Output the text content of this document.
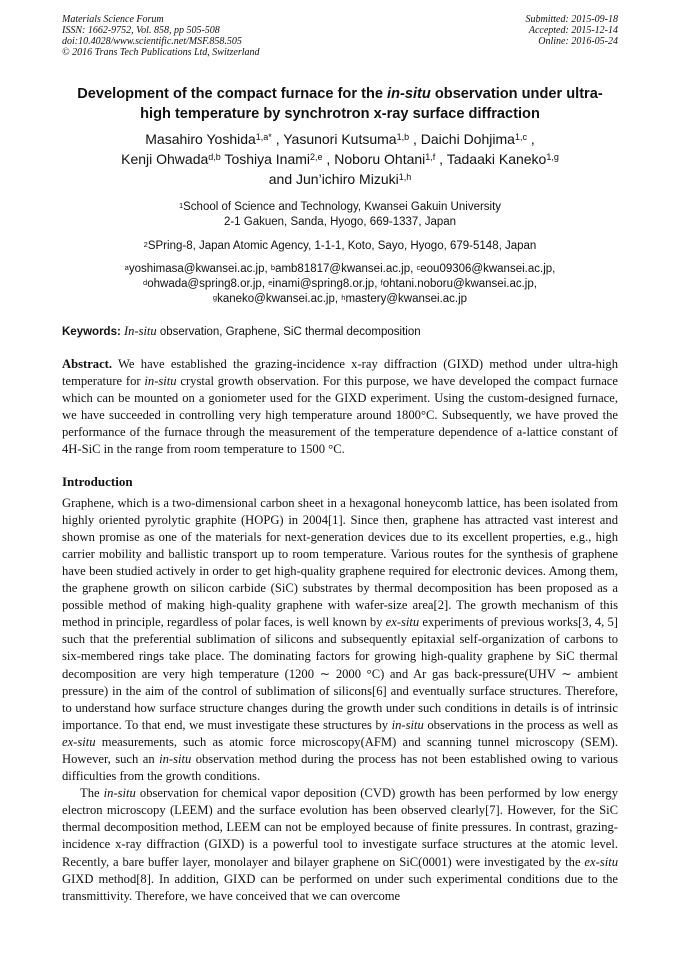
Materials Science Forum
ISSN: 1662-9752, Vol. 858, pp 505-508
doi:10.4028/www.scientific.net/MSF.858.505
© 2016 Trans Tech Publications Ltd, Switzerland
Submitted: 2015-09-18
Accepted: 2015-12-14
Online: 2016-05-24
Development of the compact furnace for the in-situ observation under ultra-high temperature by synchrotron x-ray surface diffraction
Masahiro Yoshida$^{1,a*}$ , Yasunori Kutsuma$^{1,b}$ , Daichi Dohjima$^{1,c}$ ,
Kenji Ohwada$^{d,b}$ Toshiya Inami$^{2,e}$ , Noboru Ohtani$^{1,f}$ , Tadaaki Kaneko$^{1,g}$
and Jun’ichiro Mizuki$^{1,h}$
$^1$School of Science and Technology, Kwansei Gakuin University
2-1 Gakuen, Sanda, Hyogo, 669-1337, Japan
$^2$SPring-8, Japan Atomic Agency, 1-1-1, Koto, Sayo, Hyogo, 679-5148, Japan
$^a$yoshimasa@kwansei.ac.jp, $^b$amb81817@kwansei.ac.jp, $^c$eou09306@kwansei.ac.jp,
$^d$ohwada@spring8.or.jp, $^e$inami@spring8.or.jp, $^f$ohtani.noboru@kwansei.ac.jp,
$^g$kaneko@kwansei.ac.jp, $^h$mastery@kwansei.ac.jp
Keywords: In-situ observation, Graphene, SiC thermal decomposition
Abstract. We have established the grazing-incidence x-ray diffraction (GIXD) method under ultra-high temperature for in-situ crystal growth observation. For this purpose, we have developed the compact furnace which can be mounted on a goniometer used for the GIXD experiment. Using the custom-designed furnace, we have succeeded in controlling very high temperature around 1800°C. Subsequently, we have proved the performance of the furnace through the measurement of the temperature dependence of a-lattice constant of 4H-SiC in the range from room temperature to 1500 °C.
Introduction
Graphene, which is a two-dimensional carbon sheet in a hexagonal honeycomb lattice, has been isolated from highly oriented pyrolytic graphite (HOPG) in 2004[1]. Since then, graphene has attracted vast interest and shown promise as one of the materials for next-generation devices due to its excellent properties, e.g., high carrier mobility and ballistic transport up to room temperature. Various routes for the synthesis of graphene have been studied actively in order to get high-quality graphene required for electronic devices. Among them, the graphene growth on silicon carbide (SiC) substrates by thermal decomposition has been proposed as a possible method of making high-quality graphene with wafer-size area[2]. The growth mechanism of this method in principle, regardless of polar faces, is well known by ex-situ experiments of previous works[3, 4, 5] such that the preferential sublimation of silicons and subsequently epitaxial self-organization of carbons to six-membered rings take place. The dominating factors for growing high-quality graphene by SiC thermal decomposition are very high temperature (1200 ∼ 2000 °C) and Ar gas back-pressure(UHV ∼ ambient pressure) in the aim of the control of sublimation of silicons[6] and eventually surface structures. Therefore, to understand how surface structure changes during the growth under such conditions in details is of intrinsic importance. To that end, we must investigate these structures by in-situ observations in the process as well as ex-situ measurements, such as atomic force microscopy(AFM) and scanning tunnel microscopy (SEM). However, such an in-situ observation method during the process has not been established owing to various difficulties from the growth conditions.
The in-situ observation for chemical vapor deposition (CVD) growth has been performed by low energy electron microscopy (LEEM) and the surface evolution has been observed clearly[7]. However, for the SiC thermal decomposition method, LEEM can not be employed because of finite pressures. In contrast, grazing-incidence x-ray diffraction (GIXD) is a powerful tool to investigate surface structures at the atomic level. Recently, a bare buffer layer, monolayer and bilayer graphene on SiC(0001) were investigated by the ex-situ GIXD method[8]. In addition, GIXD can be performed on under such experimental conditions due to the transmittivity. Therefore, we have conceived that we can overcome
